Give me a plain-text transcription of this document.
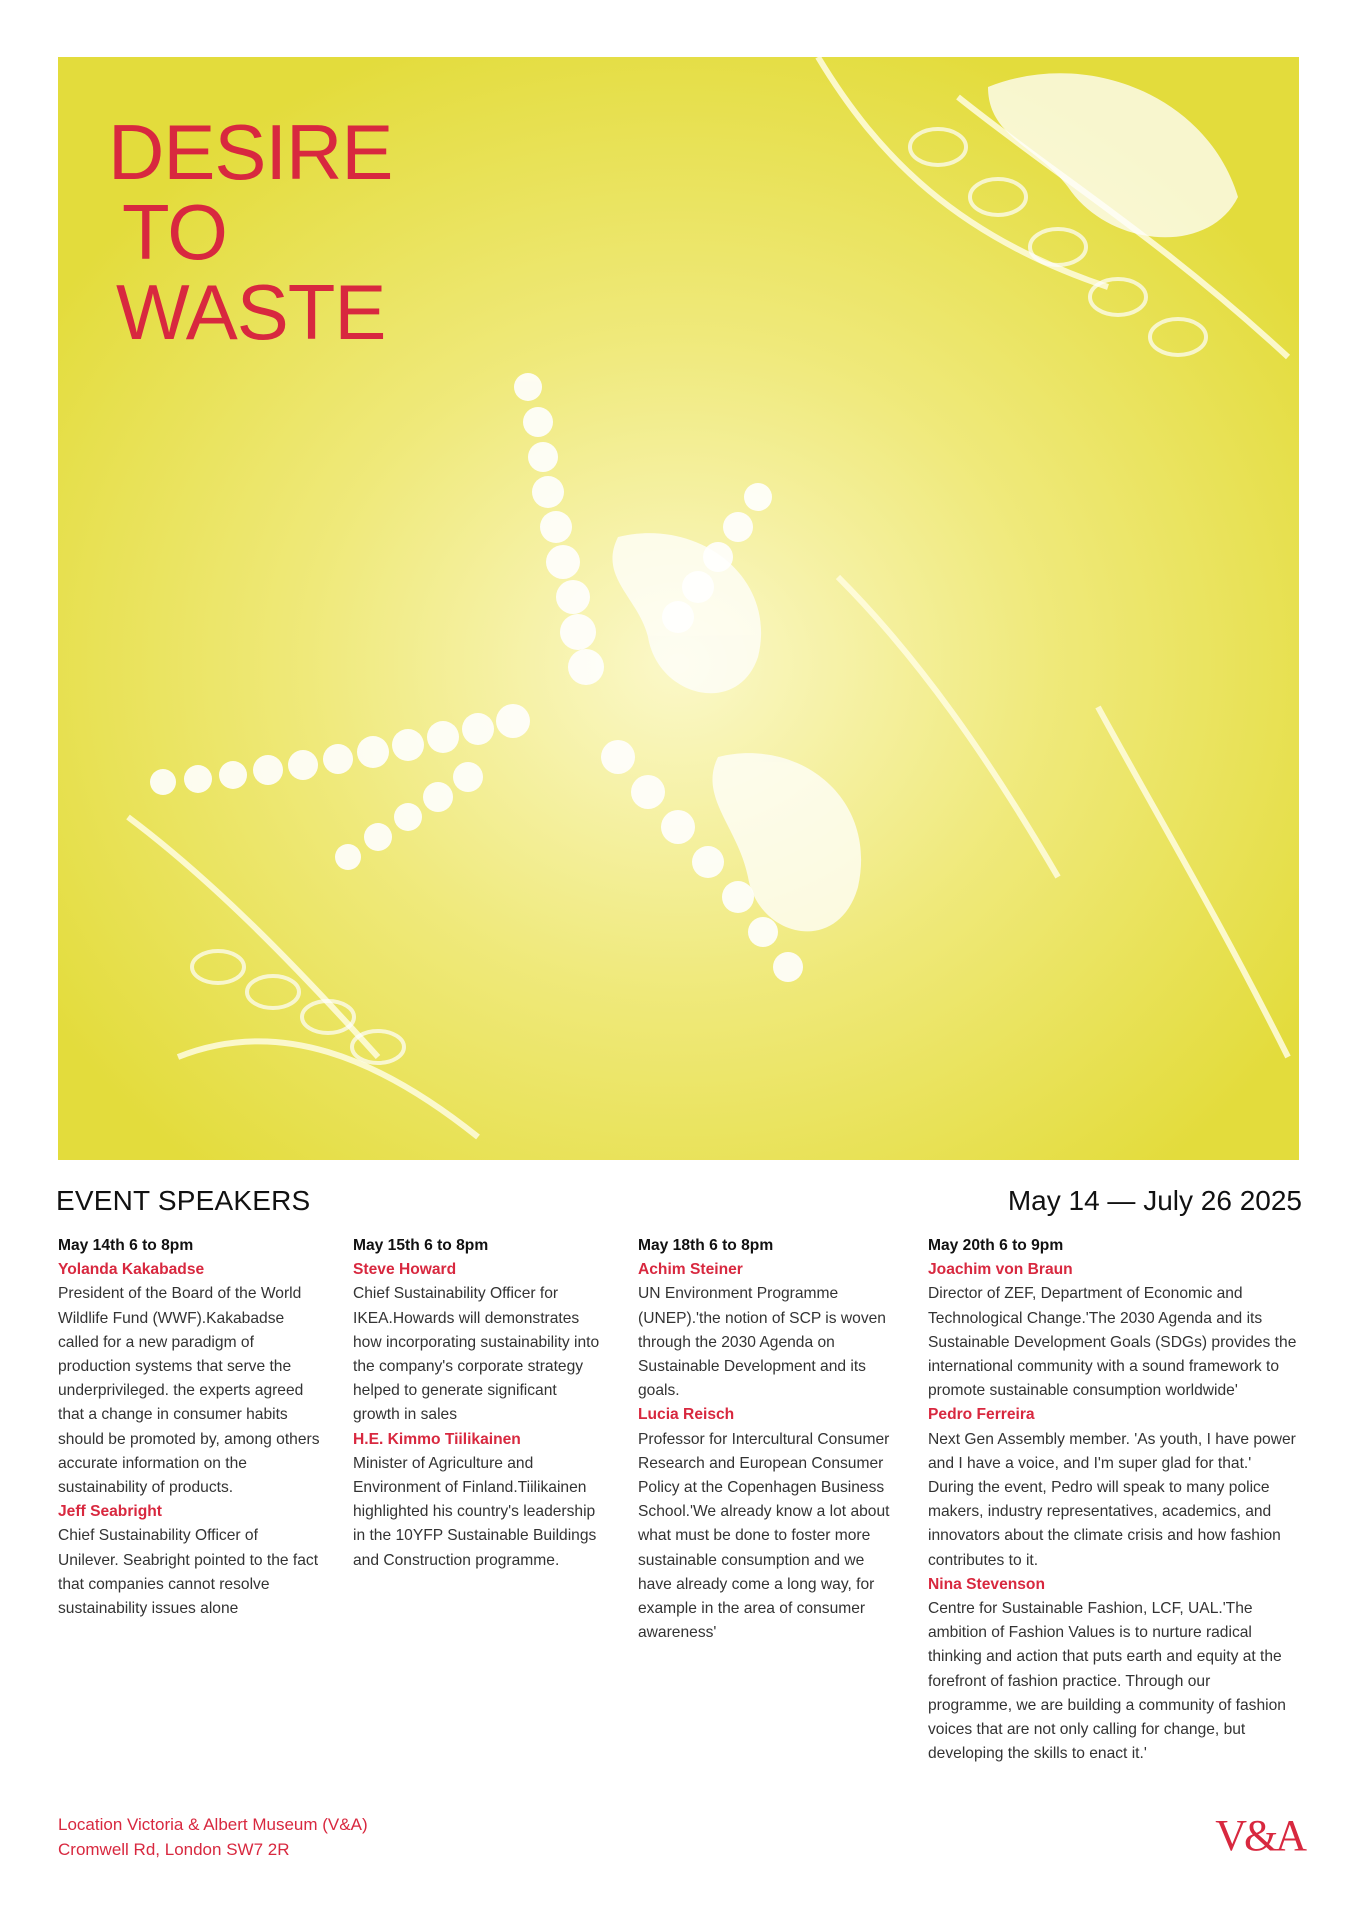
DESIRE
TO
WASTE
EVENT SPEAKERS	May 14 — July 26 2025
May 14th 6 to 8pm
Yolanda Kakabadse
President of the Board of the World Wildlife Fund (WWF).Kakabadse called for a new paradigm of production systems that serve the underprivileged. the experts agreed that a change in consumer habits should be promoted by, among others accurate information on the sustainability of products.
Jeff Seabright
Chief Sustainability Officer of Unilever. Seabright pointed to the fact that companies cannot resolve sustainability issues alone
May 15th 6 to 8pm
Steve Howard
Chief Sustainability Officer for IKEA.Howards will demonstrates how incorporating sustainability into the company's corporate strategy helped to generate significant growth in sales
H.E. Kimmo Tiilikainen
Minister of Agriculture and Environment of Finland.Tiilikainen highlighted his country's leadership in the 10YFP Sustainable Buildings and Construction programme.
May 18th 6 to 8pm
Achim Steiner
UN Environment Programme (UNEP).'the notion of SCP is woven through the 2030 Agenda on Sustainable Development and its goals.
Lucia Reisch
Professor for Intercultural Consumer Research and European Consumer Policy at the Copenhagen Business School.'We already know a lot about what must be done to foster more sustainable consumption and we have already come a long way, for example in the area of consumer awareness'
May 20th 6 to 9pm
Joachim von Braun
Director of ZEF, Department of Economic and Technological Change.'The 2030 Agenda and its Sustainable Development Goals (SDGs) provides the international community with a sound framework to promote sustainable consumption worldwide'
Pedro Ferreira
Next Gen Assembly member. 'As youth, I have power and I have a voice, and I'm super glad for that.' During the event, Pedro will speak to many police makers, industry representatives, academics, and innovators about the climate crisis and how fashion contributes to it.
Nina Stevenson
Centre for Sustainable Fashion, LCF, UAL.'The ambition of Fashion Values is to nurture radical thinking and action that puts earth and equity at the forefront of fashion practice. Through our programme, we are building a community of fashion voices that are not only calling for change, but developing the skills to enact it.'
Location Victoria & Albert Museum (V&A)
Cromwell Rd, London SW7 2R	V&A
